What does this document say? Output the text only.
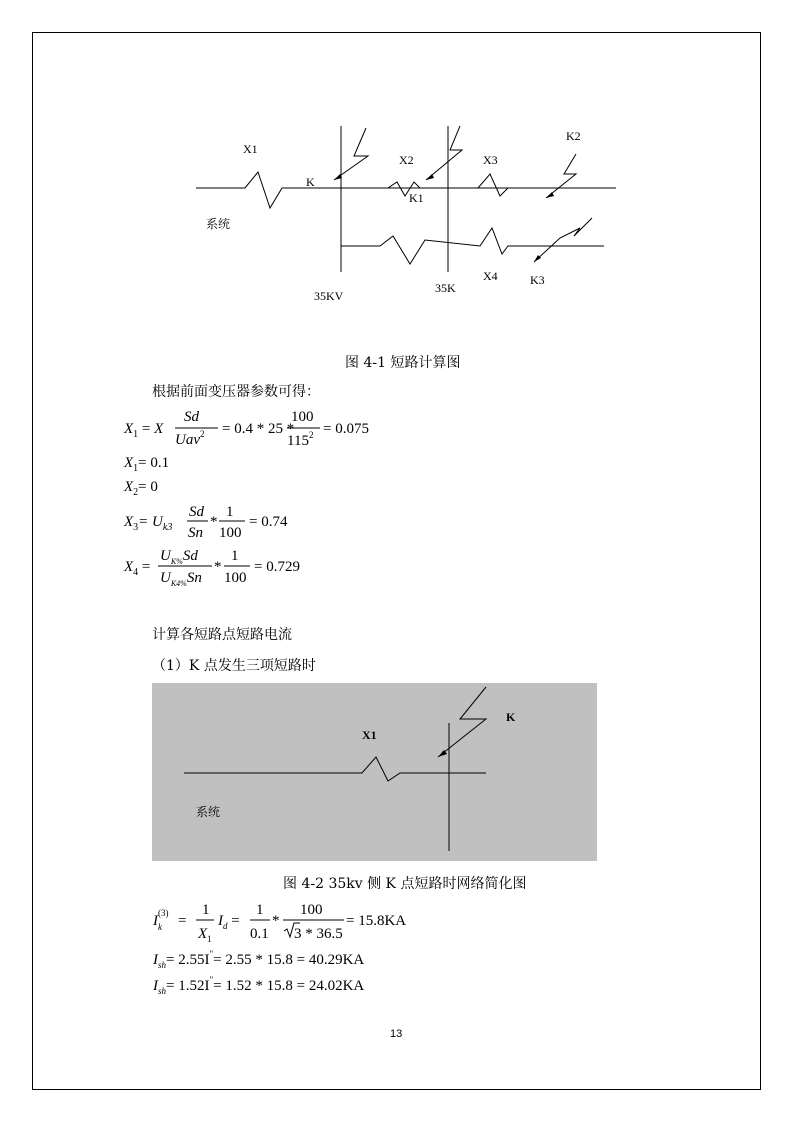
X1
X2	X3
X4
K
K1
K2
K3
35KV
35K
系统
图 4-1 短路计算图
根据前面变压器参数可得：
$X_1 = X$
Sd
Uav$^2$ = 0.4 * 25 *
100
$115^2 = 0.075$
$X_1= 0.1$
$X_2= 0$
$X_3= U_{k3}$
Sd
Sn
*
1
100
= 0.74
$X_4$ =
$U_{K\%}Sd$
$U_{K4\%}Sn$
*
1
100
= 0.729
计算各短路点短路电流
（1）K 点发生三项短路时
X1
K
系统
图 4-2 35kv 侧 K 点短路时网络简化图
$I^{(3)}$
k =
1
$X_1$
$I_d$ =
1
0.1
*
100
3 * 36.5
= 15.8KA
$I_{sh}= 2.55I^"= 2.55 * 15.8 = 40.29KA$
$I_{sh}= 1.52I^"= 1.52 * 15.8 = 24.02KA$
13
